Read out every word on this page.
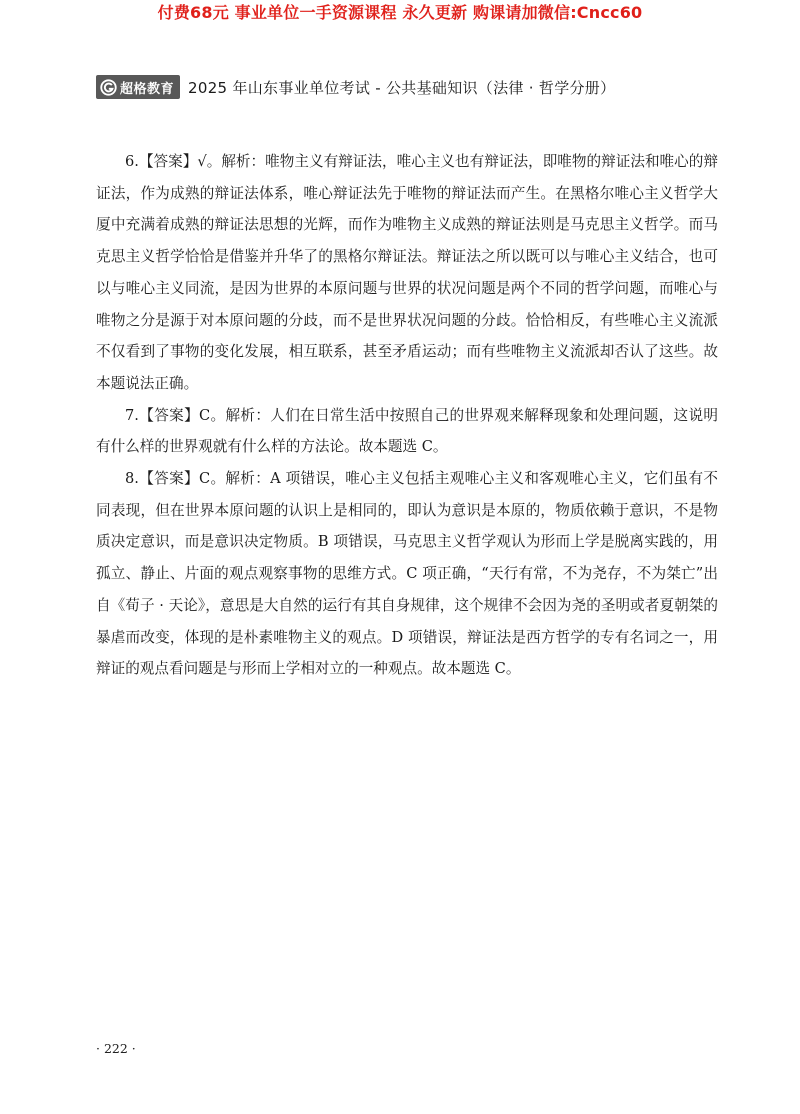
付费68元 事业单位一手资源课程 永久更新 购课请加微信:Cncc60
超格教育 2025 年山东事业单位考试 - 公共基础知识（法律 · 哲学分册）

6.【答案】√。解析：唯物主义有辩证法，唯心主义也有辩证法，即唯物的辩证法和唯心的辩证法，作为成熟的辩证法体系，唯心辩证法先于唯物的辩证法而产生。在黑格尔唯心主义哲学大厦中充满着成熟的辩证法思想的光辉，而作为唯物主义成熟的辩证法则是马克思主义哲学。而马克思主义哲学恰恰是借鉴并升华了的黑格尔辩证法。辩证法之所以既可以与唯心主义结合，也可以与唯心主义同流，是因为世界的本原问题与世界的状况问题是两个不同的哲学问题，而唯心与唯物之分是源于对本原问题的分歧，而不是世界状况问题的分歧。恰恰相反，有些唯心主义流派不仅看到了事物的变化发展，相互联系，甚至矛盾运动；而有些唯物主义流派却否认了这些。故本题说法正确。

7.【答案】C。解析：人们在日常生活中按照自己的世界观来解释现象和处理问题，这说明有什么样的世界观就有什么样的方法论。故本题选 C。

8.【答案】C。解析：A 项错误，唯心主义包括主观唯心主义和客观唯心主义，它们虽有不同表现，但在世界本原问题的认识上是相同的，即认为意识是本原的，物质依赖于意识，不是物质决定意识，而是意识决定物质。B 项错误，马克思主义哲学观认为形而上学是脱离实践的，用孤立、静止、片面的观点观察事物的思维方式。C 项正确，“天行有常，不为尧存，不为桀亡”出自《荀子 · 天论》，意思是大自然的运行有其自身规律，这个规律不会因为尧的圣明或者夏朝桀的暴虐而改变，体现的是朴素唯物主义的观点。D 项错误，辩证法是西方哲学的专有名词之一，用辩证的观点看问题是与形而上学相对立的一种观点。故本题选 C。

· 222 ·
